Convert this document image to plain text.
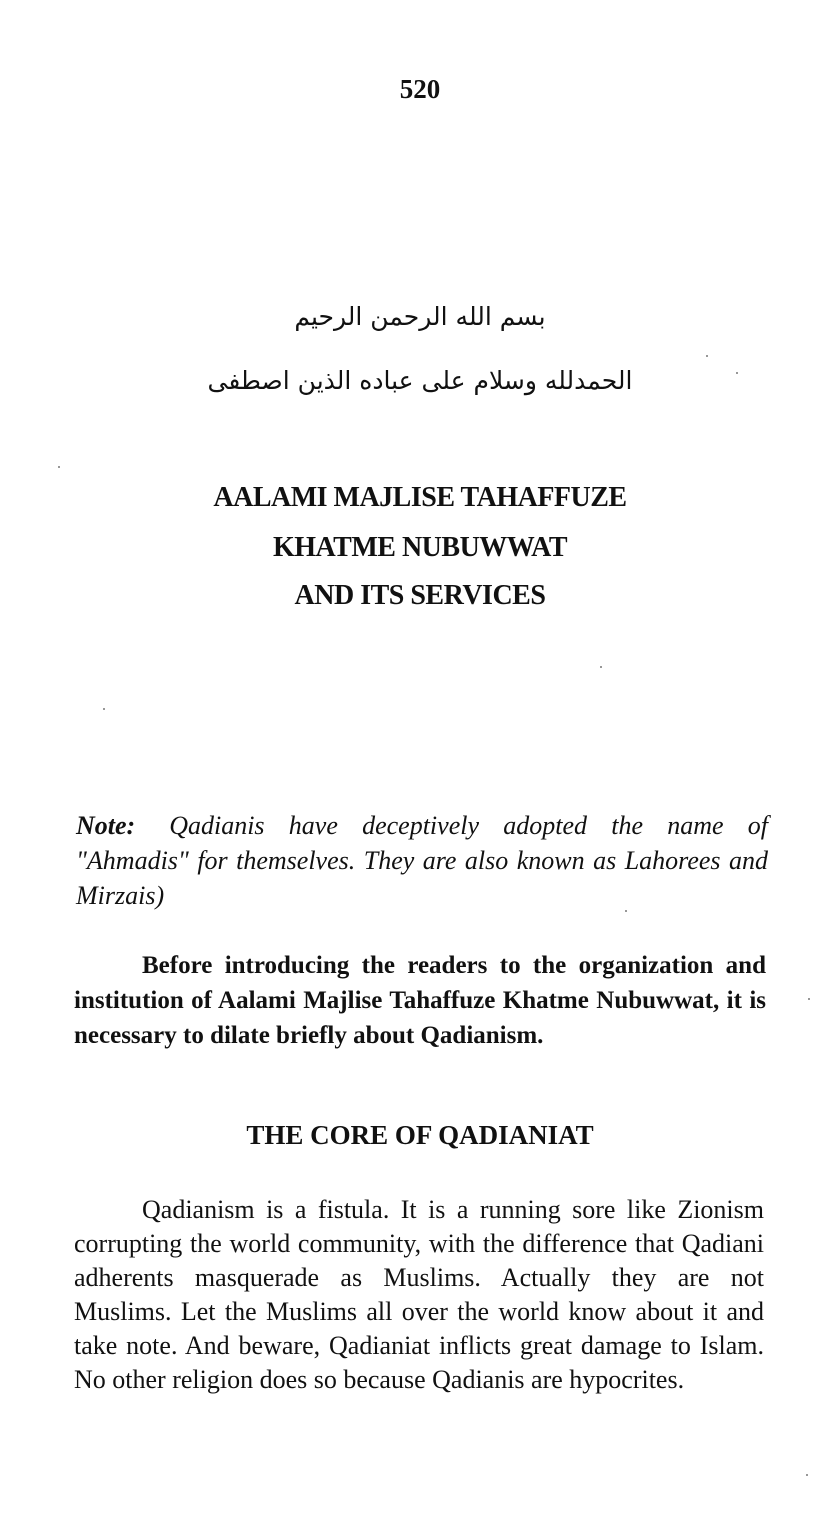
520
AALAMI MAJLISE TAHAFFUZE
KHATME NUBUWWAT
AND ITS SERVICES
بسم الله الرحمن الرحيم
الحمدلله وسلام على عباده الذين اصطفى
Note: Qadianis have deceptively adopted the name of "Ahmadis" for themselves. They are also known as Lahorees and Mirzais)
Before introducing the readers to the organization and institution of Aalami Majlise Tahaffuze Khatme Nubuwwat, it is necessary to dilate briefly about Qadianism.
THE CORE OF QADIANIAT
Qadianism is a fistula. It is a running sore like Zionism corrupting the world community, with the difference that Qadiani adherents masquerade as Muslims. Actually they are not Muslims. Let the Muslims all over the world know about it and take note. And beware, Qadianiat inflicts great damage to Islam. No other religion does so because Qadianis are hypocrites.
